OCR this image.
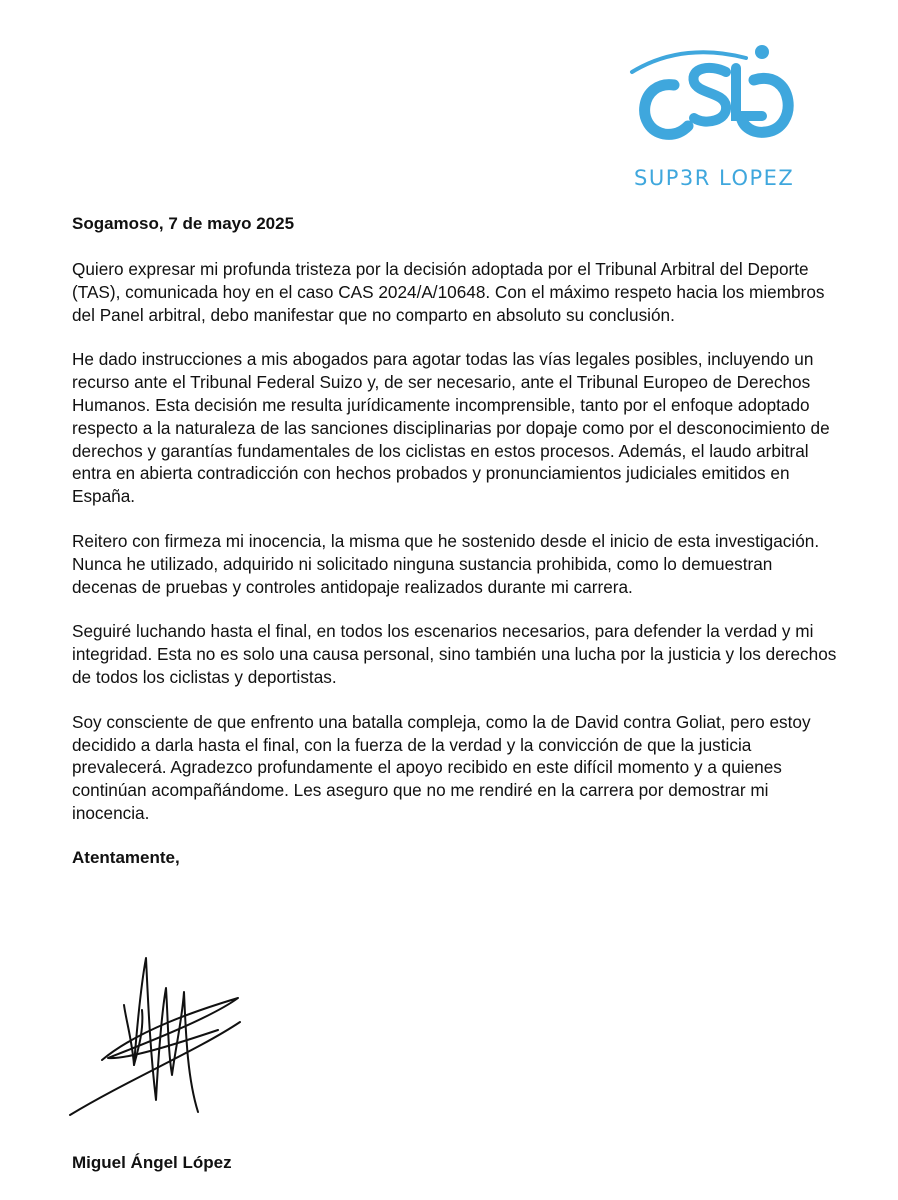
SUP3R LOPEZ

Sogamoso, 7 de mayo 2025

Quiero expresar mi profunda tristeza por la decisión adoptada por el Tribunal Arbitral del Deporte (TAS), comunicada hoy en el caso CAS 2024/A/10648. Con el máximo respeto hacia los miembros del Panel arbitral, debo manifestar que no comparto en absoluto su conclusión.

He dado instrucciones a mis abogados para agotar todas las vías legales posibles, incluyendo un recurso ante el Tribunal Federal Suizo y, de ser necesario, ante el Tribunal Europeo de Derechos Humanos. Esta decisión me resulta jurídicamente incomprensible, tanto por el enfoque adoptado respecto a la naturaleza de las sanciones disciplinarias por dopaje como por el desconocimiento de derechos y garantías fundamentales de los ciclistas en estos procesos. Además, el laudo arbitral entra en abierta contradicción con hechos probados y pronunciamientos judiciales emitidos en España.

Reitero con firmeza mi inocencia, la misma que he sostenido desde el inicio de esta investigación. Nunca he utilizado, adquirido ni solicitado ninguna sustancia prohibida, como lo demuestran decenas de pruebas y controles antidopaje realizados durante mi carrera.

Seguiré luchando hasta el final, en todos los escenarios necesarios, para defender la verdad y mi integridad. Esta no es solo una causa personal, sino también una lucha por la justicia y los derechos de todos los ciclistas y deportistas.

Soy consciente de que enfrento una batalla compleja, como la de David contra Goliat, pero estoy decidido a darla hasta el final, con la fuerza de la verdad y la convicción de que la justicia prevalecerá. Agradezco profundamente el apoyo recibido en este difícil momento y a quienes continúan acompañándome. Les aseguro que no me rendiré en la carrera por demostrar mi inocencia.

Atentamente,

Miguel Ángel López
